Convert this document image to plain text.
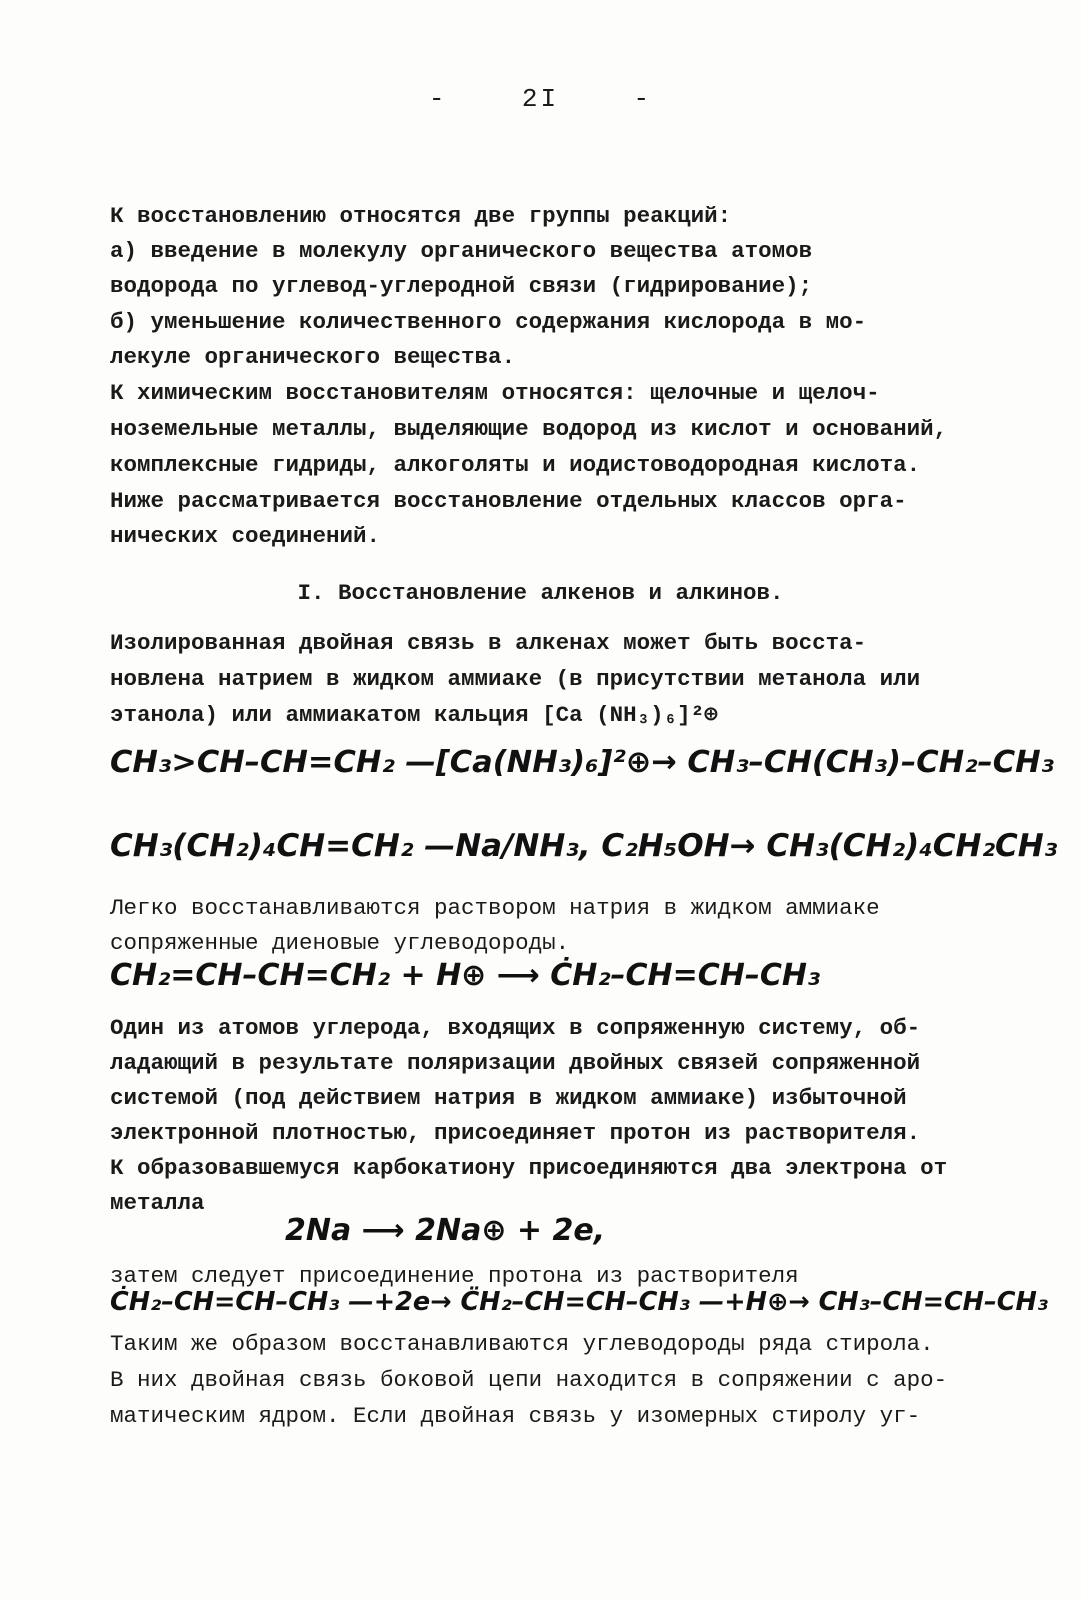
-    2I    -
К восстановлению относятся две группы реакций:
а) введение в молекулу органического вещества атомов
водорода по углевод-углеродной связи (гидрирование);
б) уменьшение количественного содержания кислорода в мо-
лекуле органического вещества.
К химическим восстановителям относятся: щелочные и щелоч-
ноземельные металлы, выделяющие водород из кислот и оснований,
комплексные гидриды, алкоголяты и иодистоводородная кислота.
Ниже рассматривается восстановление отдельных классов орга-
нических соединений.
I. Восстановление алкенов и алкинов.
Изолированная двойная связь в алкенах может быть восста-
новлена натрием в жидком аммиаке (в присутствии метанола или
этанола) или аммиакатом кальция [Ca (NH₃)₆]²⊕
CH₃>CH–CH=CH₂ —[Ca(NH₃)₆]²⊕→ CH₃–CH(CH₃)–CH₂–CH₃
CH₃(CH₂)₄CH=CH₂ —Na/NH₃, C₂H₅OH→ CH₃(CH₂)₄CH₂CH₃
Легко восстанавливаются раствором натрия в жидком аммиаке
сопряженные диеновые углеводороды.
CH₂=CH–CH=CH₂ + H⊕ ⟶ ĊH₂–CH=CH–CH₃
Один из атомов углерода, входящих в сопряженную систему, об-
ладающий в результате поляризации двойных связей сопряженной
системой (под действием натрия в жидком аммиаке) избыточной
электронной плотностью, присоединяет протон из растворителя.
К образовавшемуся карбокатиону присоединяются два электрона от
металла
2Na ⟶ 2Na⊕ + 2e,
затем следует присоединение протона из растворителя
ĊH₂–CH=CH–CH₃ —+2e→ C̈H₂–CH=CH–CH₃ —+H⊕→ CH₃–CH=CH–CH₃
Таким же образом восстанавливаются углеводороды ряда стирола.
В них двойная связь боковой цепи находится в сопряжении с аро-
матическим ядром. Если двойная связь у изомерных стиролу уг-
